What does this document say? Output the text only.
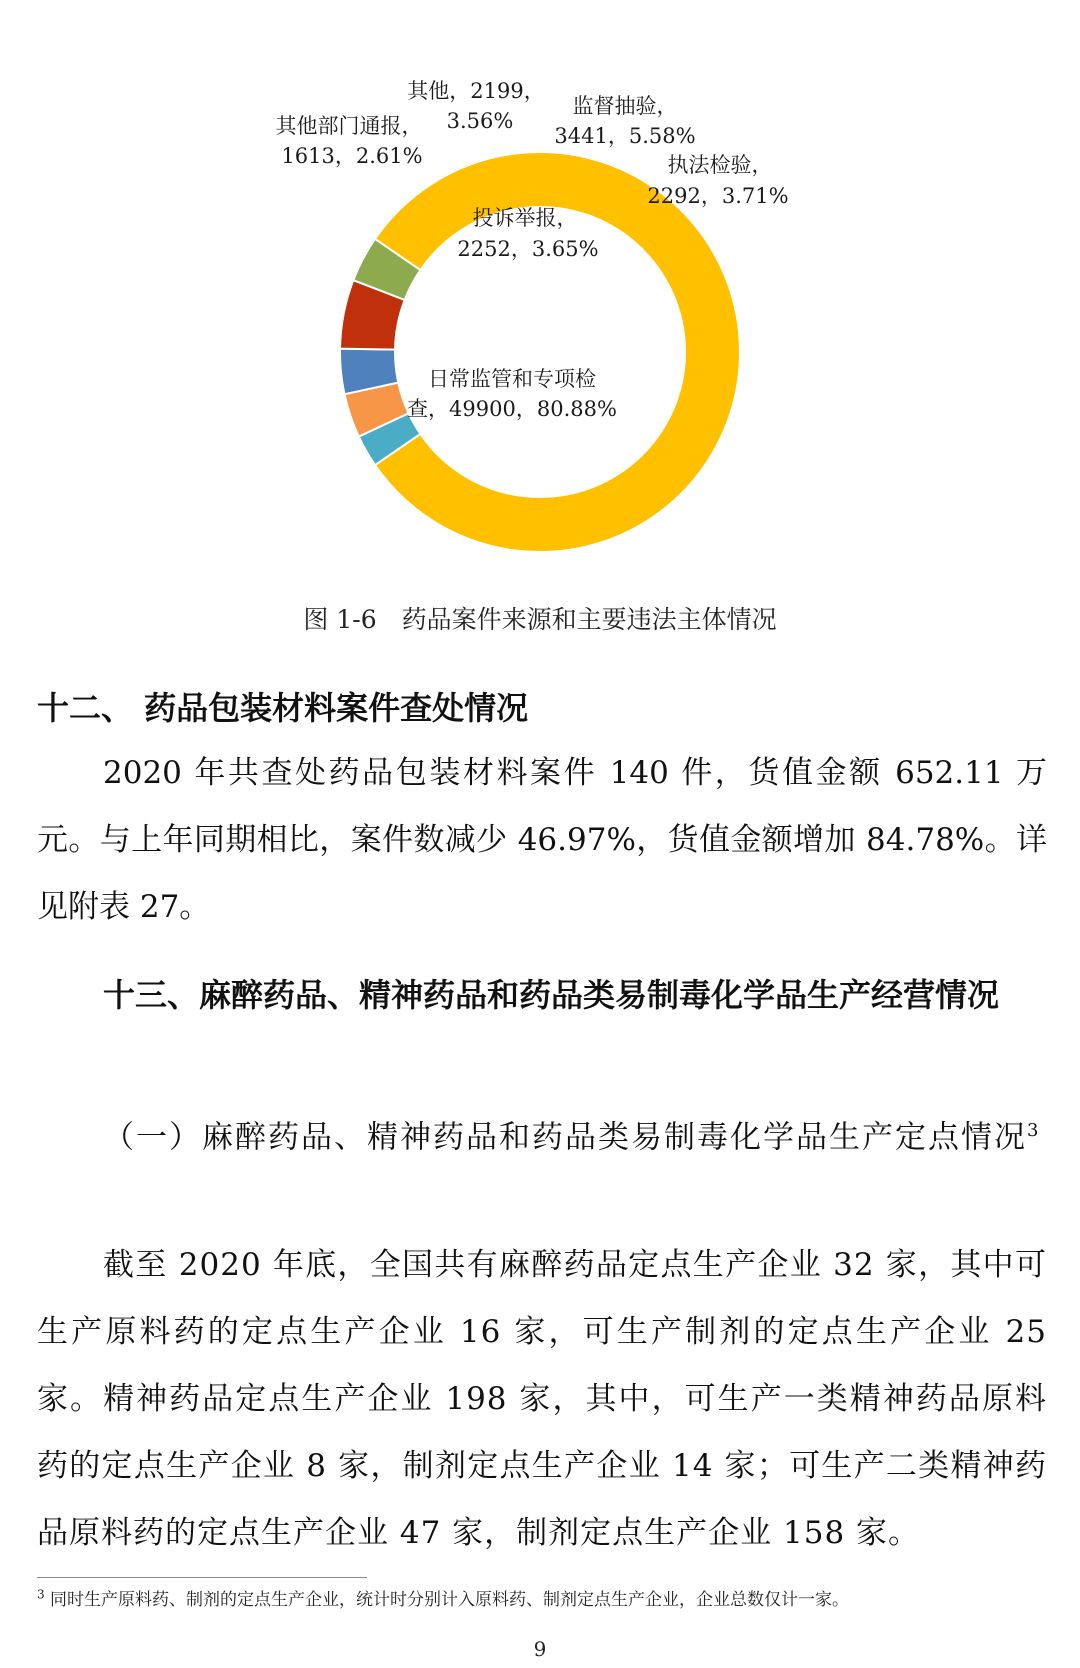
日常监管和专项检
查，49900，80.88%
其他部门通报，
1613，2.61%
其他，2199，
3.56%
投诉举报，
2252，3.65%
监督抽验，
3441，5.58%
执法检验，
2292，3.71%
图 1-6　药品案件来源和主要违法主体情况
十二、 药品包装材料案件查处情况
2020 年共查处药品包装材料案件 140 件，货值金额 652.11 万元。与上年同期相比，案件数减少 46.97%，货值金额增加 84.78%。详见附表 27。
十三、麻醉药品、精神药品和药品类易制毒化学品生产经营情况
（一）麻醉药品、精神药品和药品类易制毒化学品生产定点情况$^3$
截至 2020 年底，全国共有麻醉药品定点生产企业 32 家，其中可生产原料药的定点生产企业 16 家，可生产制剂的定点生产企业 25 家。精神药品定点生产企业 198 家，其中，可生产一类精神药品原料药的定点生产企业 8 家，制剂定点生产企业 14 家；可生产二类精神药品原料药的定点生产企业 47 家，制剂定点生产企业 158 家。
$^3$ 同时生产原料药、制剂的定点生产企业，统计时分别计入原料药、制剂定点生产企业，企业总数仅计一家。
9
